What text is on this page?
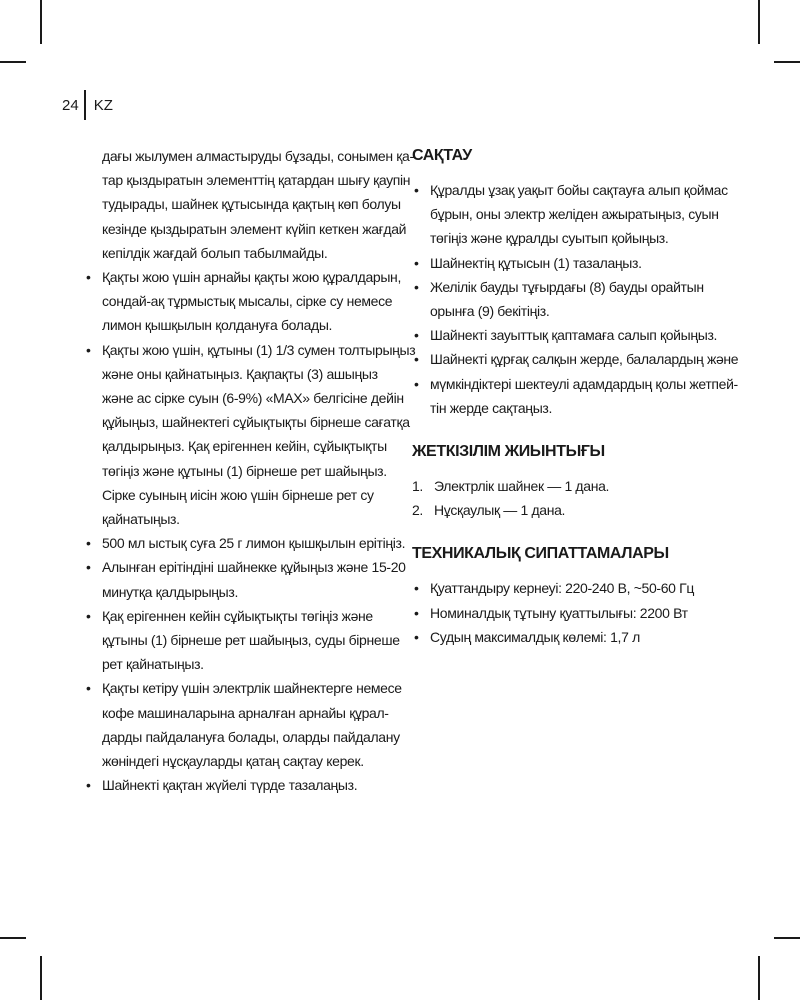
24 KZ
дағы жылумен алмастыруды бұзады, сонымен қа-
тар қыздыратын элементтің қатардан шығу қаупін
тудырады, шайнек құтысында қақтың көп болуы
кезінде қыздыратын элемент күйіп кеткен жағдай
кепілдік жағдай болып табылмайды.
• Қақты жою үшін арнайы қақты жою құралдарын,
сондай-ақ тұрмыстық мысалы, сірке су немесе
лимон қышқылын қолдануға болады.
• Қақты жою үшін, құтыны (1) 1/3 сумен толтырыңыз
және оны қайнатыңыз. Қақпақты (3) ашыңыз
және ас сірке суын (6-9%) «MAX» белгісіне дейін
құйыңыз, шайнектегі сұйықтықты бірнеше сағатқа
қалдырыңыз. Қақ ерігеннен кейін, сұйықтықты
төгіңіз және құтыны (1) бірнеше рет шайыңыз.
Сірке суының иісін жою үшін бірнеше рет су
қайнатыңыз.
• 500 мл ыстық суға 25 г лимон қышқылын ерітіңіз.
• Алынған ерітіндіні шайнекке құйыңыз және 15-20
минутқа қалдырыңыз.
• Қақ ерігеннен кейін сұйықтықты төгіңіз және
құтыны (1) бірнеше рет шайыңыз, суды бірнеше
рет қайнатыңыз.
• Қақты кетіру үшін электрлік шайнектерге немесе
кофе машиналарына арналған арнайы құрал-
дарды пайдалануға болады, оларды пайдалану
жөніндегі нұсқауларды қатаң сақтау керек.
• Шайнекті қақтан жүйелі түрде тазалаңыз.
САҚТАУ
• Құралды ұзақ уақыт бойы сақтауға алып қоймас
бұрын, оны электр желіден ажыратыңыз, суын
төгіңіз және құралды суытып қойыңыз.
• Шайнектің құтысын (1) тазалаңыз.
• Желілік бауды тұғырдағы (8) бауды орайтын
орынға (9) бекітіңіз.
• Шайнекті зауыттық қаптамаға салып қойыңыз.
• Шайнекті құрғақ салқын жерде, балалардың және
• мүмкіндіктері шектеулі адамдардың қолы жетпей-
тін жерде сақтаңыз.
ЖЕТКІЗІЛІМ ЖИЫНТЫҒЫ
1. Электрлік шайнек — 1 дана.
2. Нұсқаулық — 1 дана.
ТЕХНИКАЛЫҚ СИПАТТАМАЛАРЫ
• Қуаттандыру кернеуі: 220-240 В, ~50-60 Гц
• Номиналдық тұтыну қуаттылығы: 2200 Вт
• Судың максималдық көлемі: 1,7 л
